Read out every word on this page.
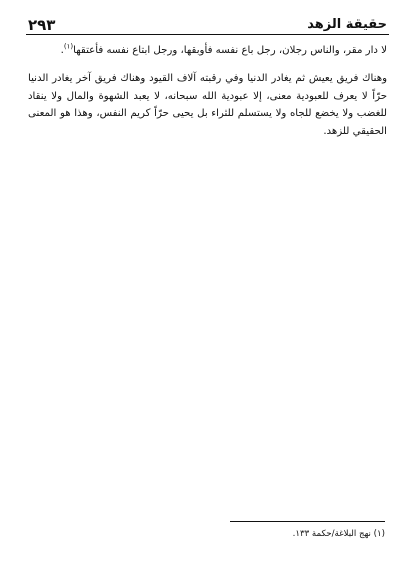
حقيقة الزهد
٢٩٣

لا دار مقر، والناس رجلان، رجل باع نفسه فأوبقها، ورجل ابتاع نفسه فأعتقها$^{(١)}$.

وهناك فريق يعيش ثم يغادر الدنيا وفي رقبته آلاف القيود وهناك فريق آخر يغادر الدنيا حرّاً لا يعرف للعبودية معنى، إلا عبودية الله سبحانه، لا يعبد الشهوة والمال ولا ينقاد للغضب ولا يخضع للجاه ولا يستسلم للثراء بل يحيى حرّاً كريم النفس، وهذا هو المعنى الحقيقي للزهد.

(١) نهج البلاغة/حكمة ١٣٣.
